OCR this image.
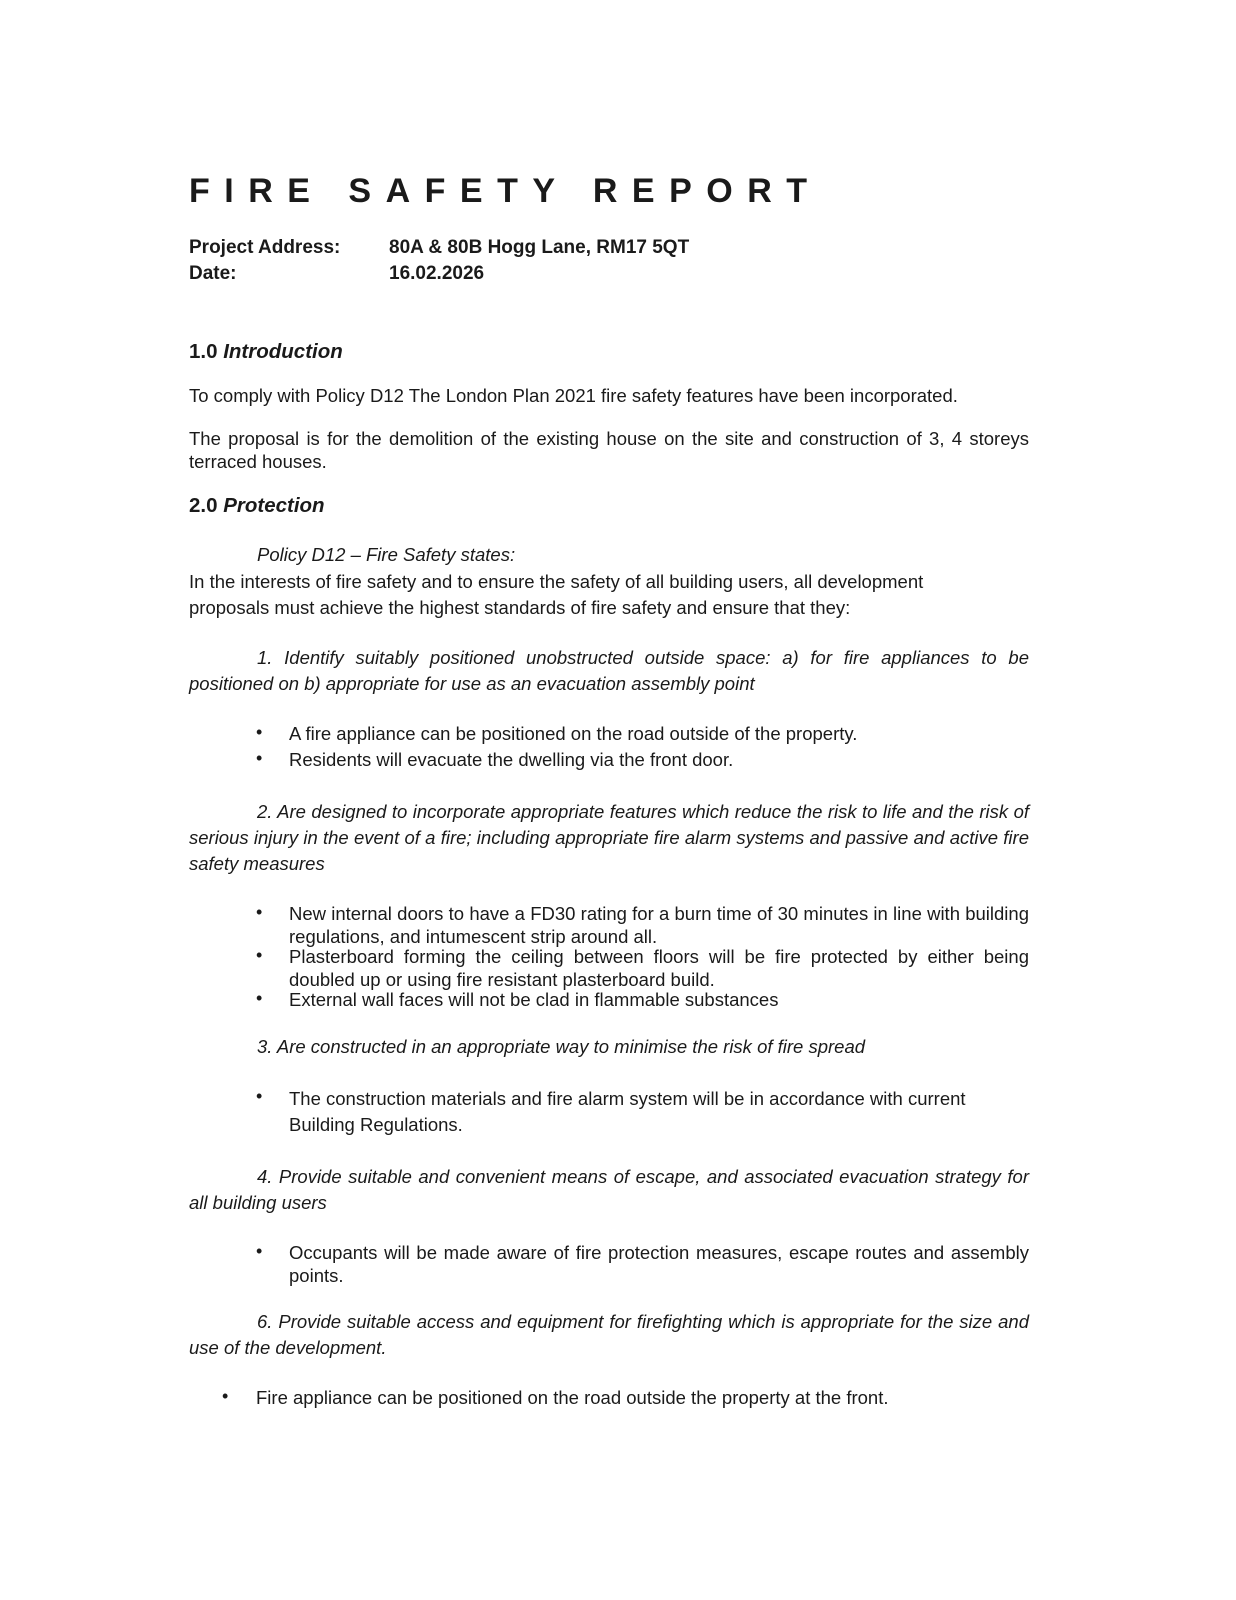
FIRE SAFETY REPORT
Project Address:	80A & 80B Hogg Lane, RM17 5QT
Date:	16.02.2026
1.0 Introduction
To comply with Policy D12 The London Plan 2021 fire safety features have been incorporated.
The proposal is for the demolition of the existing house on the site and construction of 3, 4 storeys terraced houses.
2.0 Protection
Policy D12 – Fire Safety states:
In the interests of fire safety and to ensure the safety of all building users, all development
proposals must achieve the highest standards of fire safety and ensure that they:
1. Identify suitably positioned unobstructed outside space: a) for fire appliances to be positioned on b) appropriate for use as an evacuation assembly point
• A fire appliance can be positioned on the road outside of the property.
• Residents will evacuate the dwelling via the front door.
2. Are designed to incorporate appropriate features which reduce the risk to life and the risk of serious injury in the event of a fire; including appropriate fire alarm systems and passive and active fire safety measures
• New internal doors to have a FD30 rating for a burn time of 30 minutes in line with building regulations, and intumescent strip around all.
• Plasterboard forming the ceiling between floors will be fire protected by either being doubled up or using fire resistant plasterboard build.
• External wall faces will not be clad in flammable substances
3. Are constructed in an appropriate way to minimise the risk of fire spread
• The construction materials and fire alarm system will be in accordance with current Building Regulations.
4. Provide suitable and convenient means of escape, and associated evacuation strategy for all building users
• Occupants will be made aware of fire protection measures, escape routes and assembly points.
6. Provide suitable access and equipment for firefighting which is appropriate for the size and use of the development.
• Fire appliance can be positioned on the road outside the property at the front.
